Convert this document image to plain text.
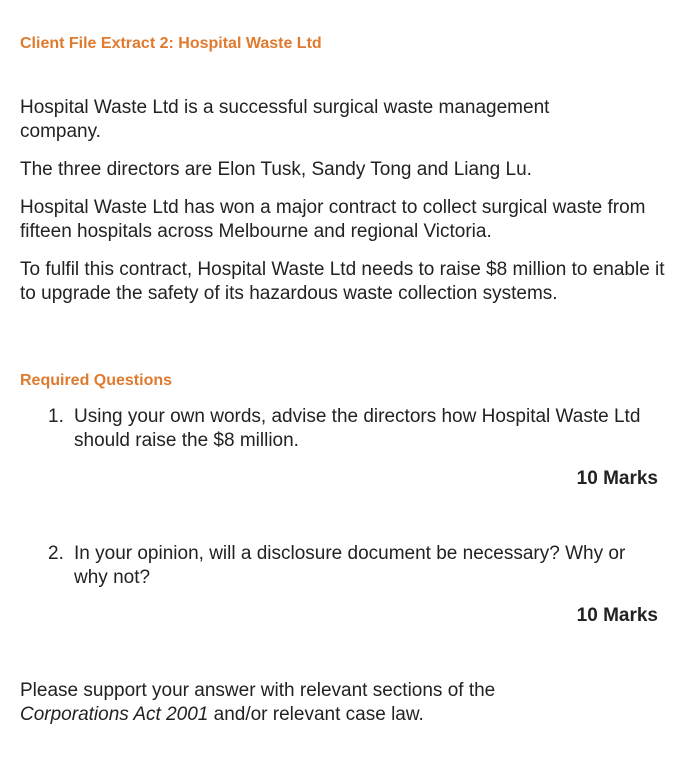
Client File Extract 2: Hospital Waste Ltd

Hospital Waste Ltd is a successful surgical waste management company.

The three directors are Elon Tusk, Sandy Tong and Liang Lu.

Hospital Waste Ltd has won a major contract to collect surgical waste from fifteen hospitals across Melbourne and regional Victoria.

To fulfil this contract, Hospital Waste Ltd needs to raise $8 million to enable it to upgrade the safety of its hazardous waste collection systems.

Required Questions
1. Using your own words, advise the directors how Hospital Waste Ltd should raise the $8 million.
10 Marks
2. In your opinion, will a disclosure document be necessary? Why or why not?
10 Marks

Please support your answer with relevant sections of the
Corporations Act 2001 and/or relevant case law.
